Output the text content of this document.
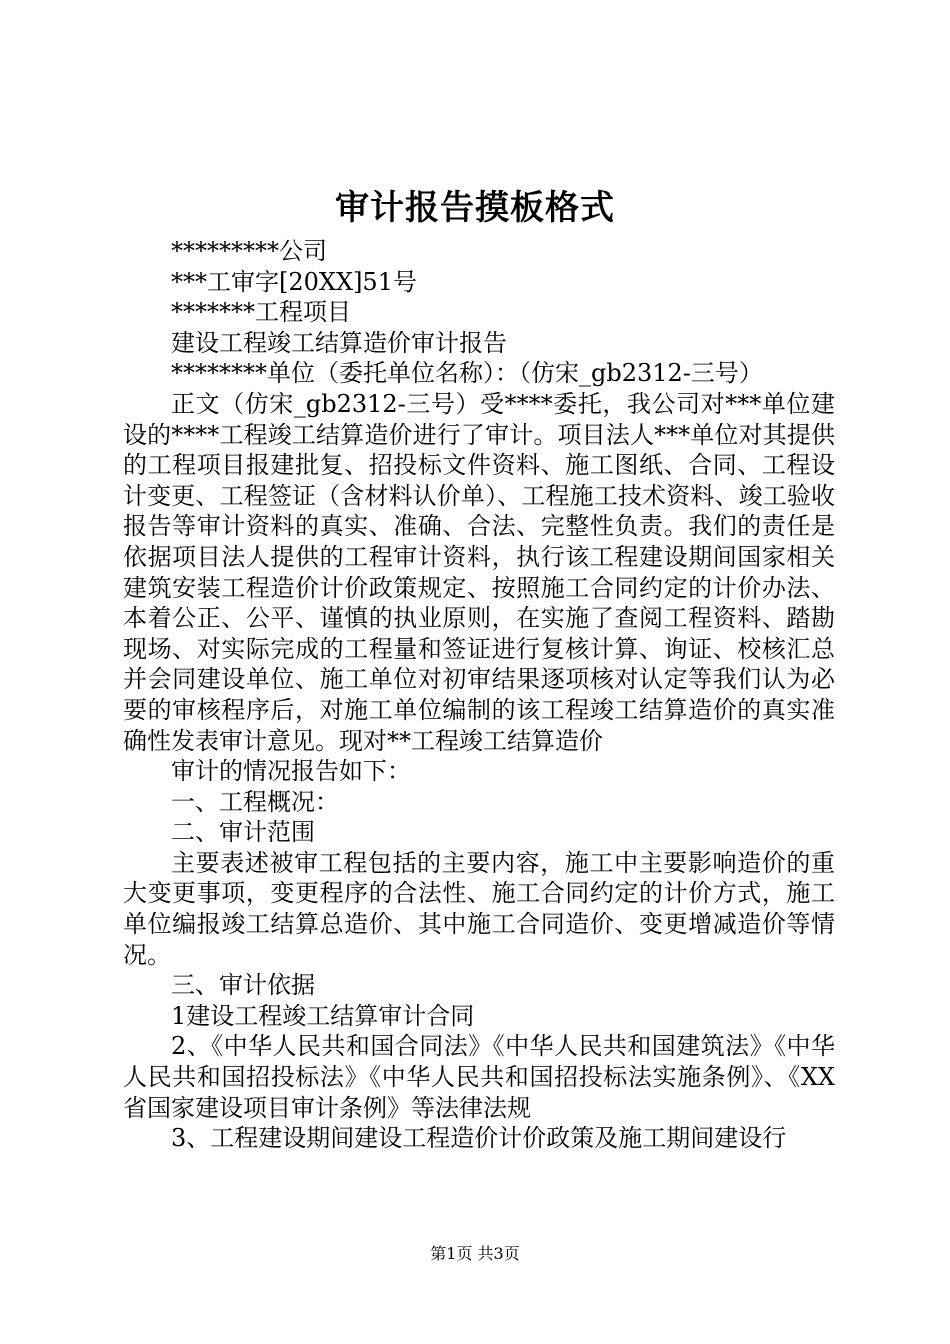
审计报告摸板格式

*********公司

***工审字[20XX]51号

*******工程项目

建设工程竣工结算造价审计报告

********单位（委托单位名称）：（仿宋_gb2312-三号）

正文（仿宋_gb2312-三号）受****委托，我公司对***单位建设的****工程竣工结算造价进行了审计。项目法人***单位对其提供的工程项目报建批复、招投标文件资料、施工图纸、合同、工程设计变更、工程签证（含材料认价单）、工程施工技术资料、竣工验收报告等审计资料的真实、准确、合法、完整性负责。我们的责任是依据项目法人提供的工程审计资料，执行该工程建设期间国家相关建筑安装工程造价计价政策规定、按照施工合同约定的计价办法、本着公正、公平、谨慎的执业原则，在实施了查阅工程资料、踏勘现场、对实际完成的工程量和签证进行复核计算、询证、校核汇总并会同建设单位、施工单位对初审结果逐项核对认定等我们认为必要的审核程序后，对施工单位编制的该工程竣工结算造价的真实准确性发表审计意见。现对**工程竣工结算造价

审计的情况报告如下：

一、工程概况：

二、审计范围

主要表述被审工程包括的主要内容，施工中主要影响造价的重大变更事项，变更程序的合法性、施工合同约定的计价方式，施工单位编报竣工结算总造价、其中施工合同造价、变更增减造价等情况。

三、审计依据

1建设工程竣工结算审计合同

2、《中华人民共和国合同法》《中华人民共和国建筑法》《中华人民共和国招投标法》《中华人民共和国招投标法实施条例》、《XX省国家建设项目审计条例》等法律法规

3、工程建设期间建设工程造价计价政策及施工期间建设行

第1页 共3页
